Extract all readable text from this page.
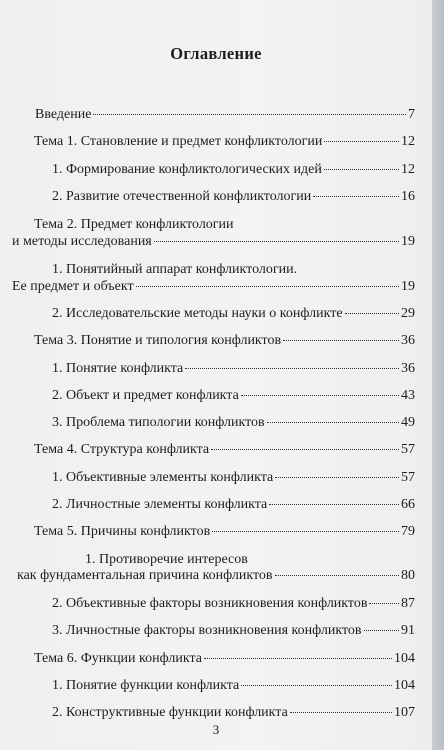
Оглавление
Введение	7
Тема 1. Становление и предмет конфликтологии	12
1. Формирование конфликтологических идей	12
2. Развитие отечественной конфликтологии	16
Тема 2. Предмет конфликтологии
и методы исследования	19
1. Понятийный аппарат конфликтологии.
Ее предмет и объект	19
2. Исследовательские методы науки о конфликте	29
Тема 3. Понятие и типология конфликтов	36
1. Понятие конфликта	36
2. Объект и предмет конфликта	43
3. Проблема типологии конфликтов	49
Тема 4. Структура конфликта	57
1. Объективные элементы конфликта	57
2. Личностные элементы конфликта	66
Тема 5. Причины конфликтов	79
1. Противоречие интересов
как фундаментальная причина конфликтов	80
2. Объективные факторы возникновения конфликтов 87
3. Личностные факторы возникновения конфликтов	91
Тема 6. Функции конфликта	104
1. Понятие функции конфликта	104
2. Конструктивные функции конфликта	107
3
